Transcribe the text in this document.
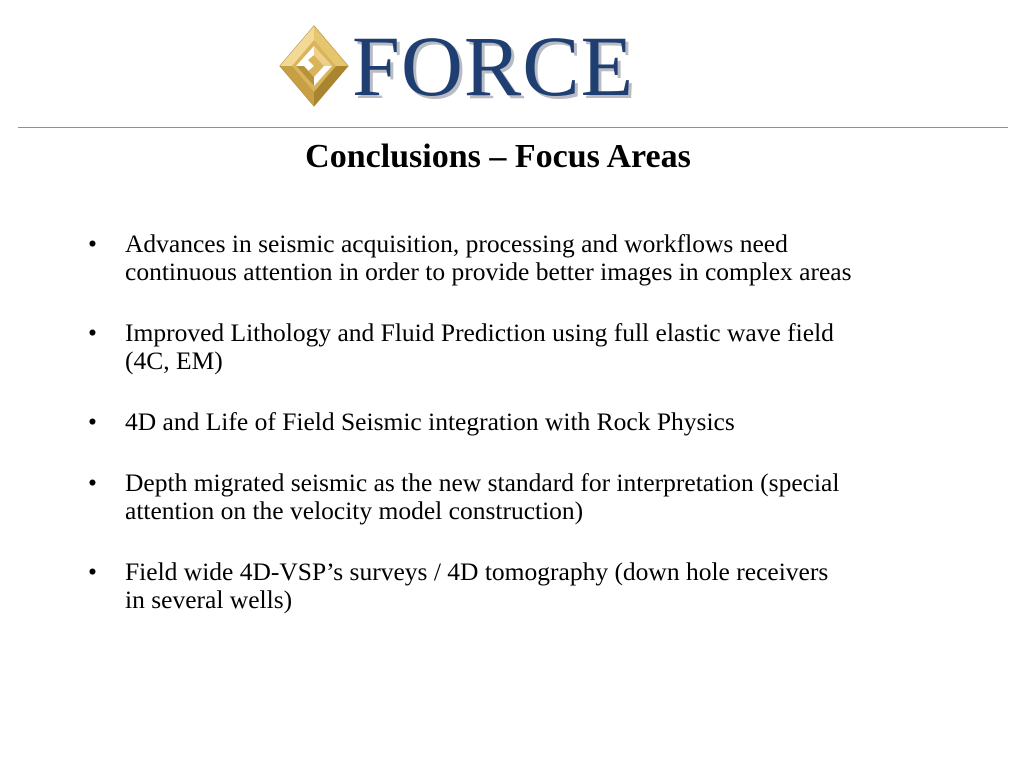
FORCE
Conclusions – Focus Areas
•	Advances in seismic acquisition, processing and workflows need
continuous attention in order to provide better images in complex areas
•	Improved Lithology and Fluid Prediction using full elastic wave field
(4C, EM)
•	4D and Life of Field Seismic integration with Rock Physics
•	Depth migrated seismic as the new standard for interpretation (special
attention on the velocity model construction)
•	Field wide 4D-VSP’s surveys / 4D tomography (down hole receivers
in several wells)
